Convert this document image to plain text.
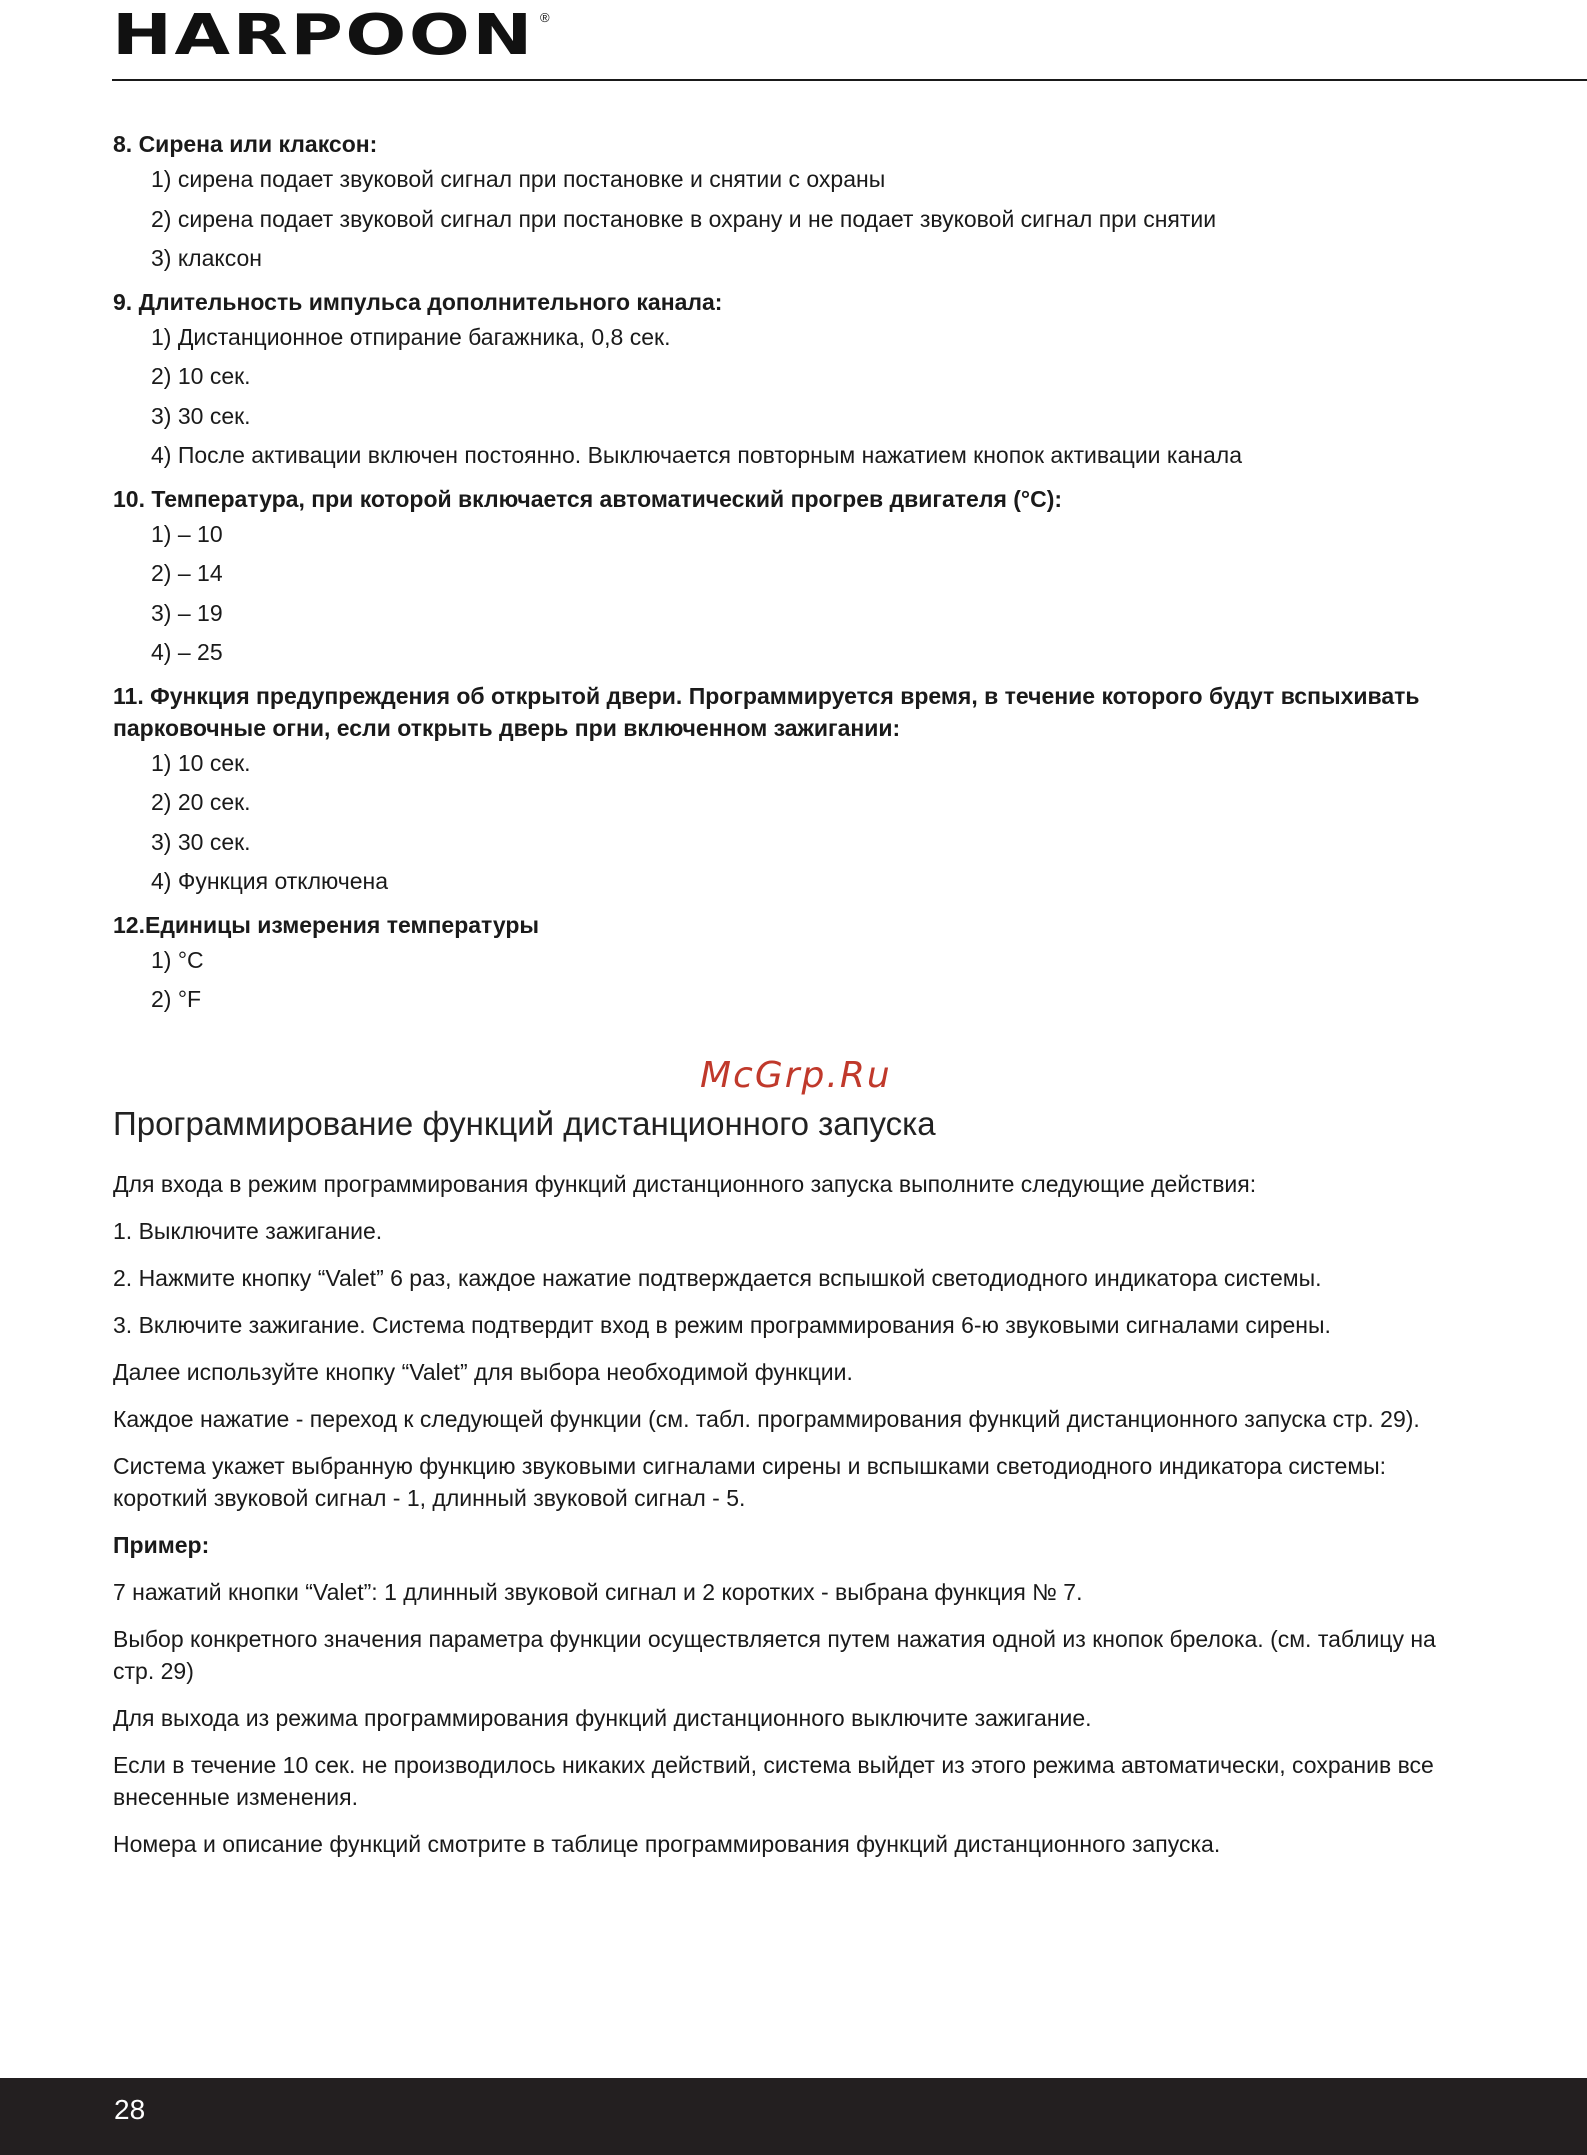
HARPOON ®

8. Сирена или клаксон:

1) сирена подает звуковой сигнал при постановке и снятии с охраны

2) сирена подает звуковой сигнал при постановке в охрану и не подает звуковой сигнал при снятии

3) клаксон

9. Длительность импульса дополнительного канала:

1) Дистанционное отпирание багажника, 0,8 сек.

2) 10 сек.

3) 30 сек.

4) После активации включен постоянно. Выключается повторным нажатием кнопок активации канала

10. Температура, при которой включается автоматический прогрев двигателя (°C):

1) – 10

2) – 14

3) – 19

4) – 25

11. Функция предупреждения об открытой двери. Программируется время, в течение которого будут вспыхивать парковочные огни, если открыть дверь при включенном зажигании:

1) 10 сек.

2) 20 сек.

3) 30 сек.

4) Функция отключена

12.Единицы измерения температуры

1) °C

2) °F

McGrp.Ru

Программирование функций дистанционного запуска

Для входа в режим программирования функций дистанционного запуска выполните следующие действия:

1. Выключите зажигание.

2. Нажмите кнопку “Valet” 6 раз, каждое нажатие подтверждается вспышкой светодиодного индикатора системы.

3. Включите зажигание. Система подтвердит вход в режим программирования 6-ю звуковыми сигналами сирены.

Далее используйте кнопку “Valet” для выбора необходимой функции.

Каждое нажатие - переход к следующей функции (см. табл. программирования функций дистанционного запуска стр. 29).

Система укажет выбранную функцию звуковыми сигналами сирены и вспышками светодиодного индикатора системы: короткий звуковой сигнал - 1, длинный звуковой сигнал - 5.

Пример:

7 нажатий кнопки “Valet”: 1 длинный звуковой сигнал и 2 коротких - выбрана функция № 7.

Выбор конкретного значения параметра функции осуществляется путем нажатия одной из кнопок брелока. (см. таблицу на стр. 29)

Для выхода из режима программирования функций дистанционного выключите зажигание.

Если в течение 10 сек. не производилось никаких действий, система выйдет из этого режима автоматически, сохранив все внесенные изменения.

Номера и описание функций смотрите в таблице программирования функций дистанционного запуска.

28
